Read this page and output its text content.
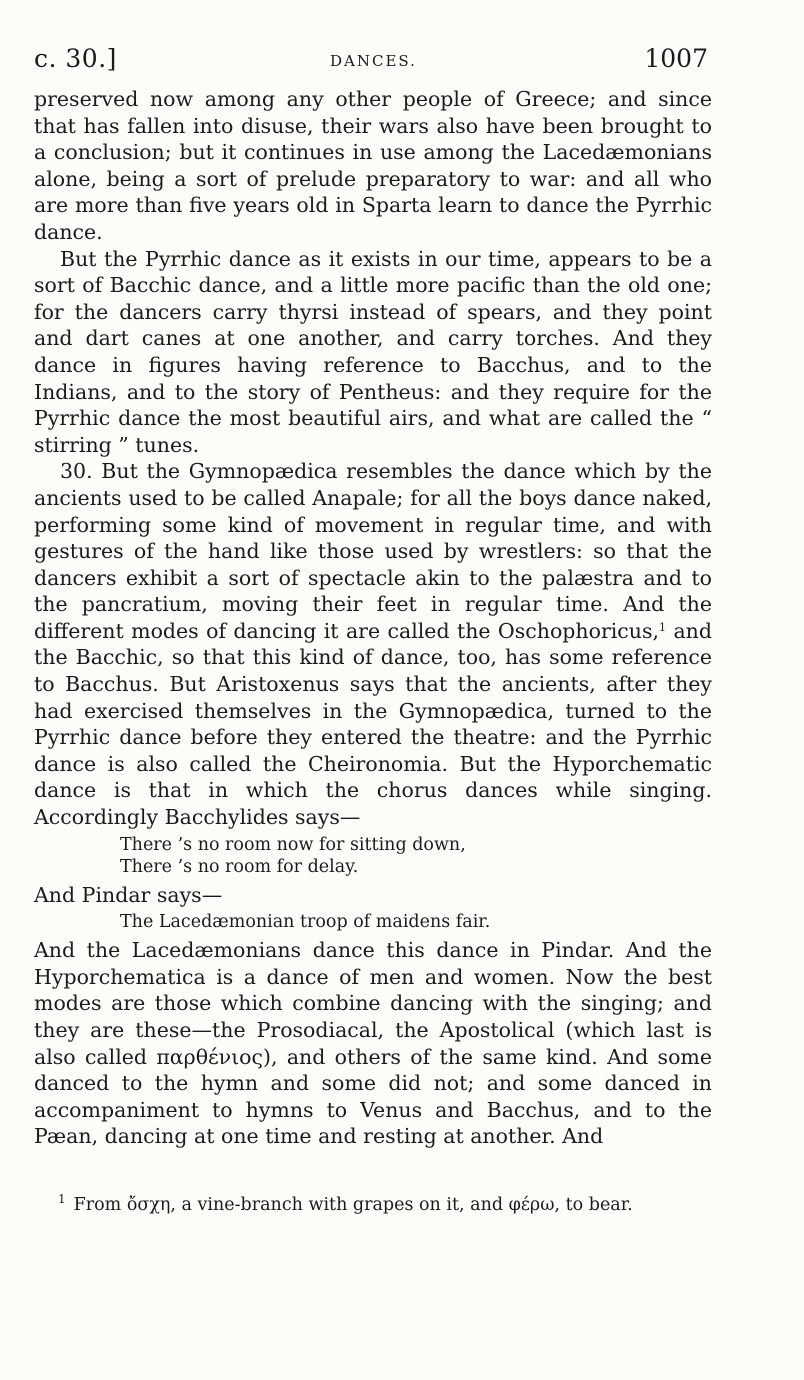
c. 30.]	DANCES.	1007

preserved now among any other people of Greece; and since that has fallen into disuse, their wars also have been brought to a conclusion; but it continues in use among the Lacedæmonians alone, being a sort of prelude preparatory to war: and all who are more than five years old in Sparta learn to dance the Pyrrhic dance.

But the Pyrrhic dance as it exists in our time, appears to be a sort of Bacchic dance, and a little more pacific than the old one; for the dancers carry thyrsi instead of spears, and they point and dart canes at one another, and carry torches. And they dance in figures having reference to Bacchus, and to the Indians, and to the story of Pentheus: and they require for the Pyrrhic dance the most beautiful airs, and what are called the “ stirring ” tunes.

30. But the Gymnopædica resembles the dance which by the ancients used to be called Anapale; for all the boys dance naked, performing some kind of movement in regular time, and with gestures of the hand like those used by wrestlers: so that the dancers exhibit a sort of spectacle akin to the palæstra and to the pancratium, moving their feet in regular time. And the different modes of dancing it are called the Oschophoricus,$^1$ and the Bacchic, so that this kind of dance, too, has some reference to Bacchus. But Aristoxenus says that the ancients, after they had exercised themselves in the Gymnopædica, turned to the Pyrrhic dance before they entered the theatre: and the Pyrrhic dance is also called the Cheironomia. But the Hyporchematic dance is that in which the chorus dances while singing. Accordingly Bacchylides says—

There ’s no room now for sitting down,
There ’s no room for delay.

And Pindar says—

The Lacedæmonian troop of maidens fair.

And the Lacedæmonians dance this dance in Pindar. And the Hyporchematica is a dance of men and women. Now the best modes are those which combine dancing with the singing; and they are these—the Prosodiacal, the Apostolical (which last is also called παρθένιος), and others of the same kind. And some danced to the hymn and some did not; and some danced in accompaniment to hymns to Venus and Bacchus, and to the Pæan, dancing at one time and resting at another. And

$^1$ From ὄσχη, a vine-branch with grapes on it, and φέρω, to bear.
